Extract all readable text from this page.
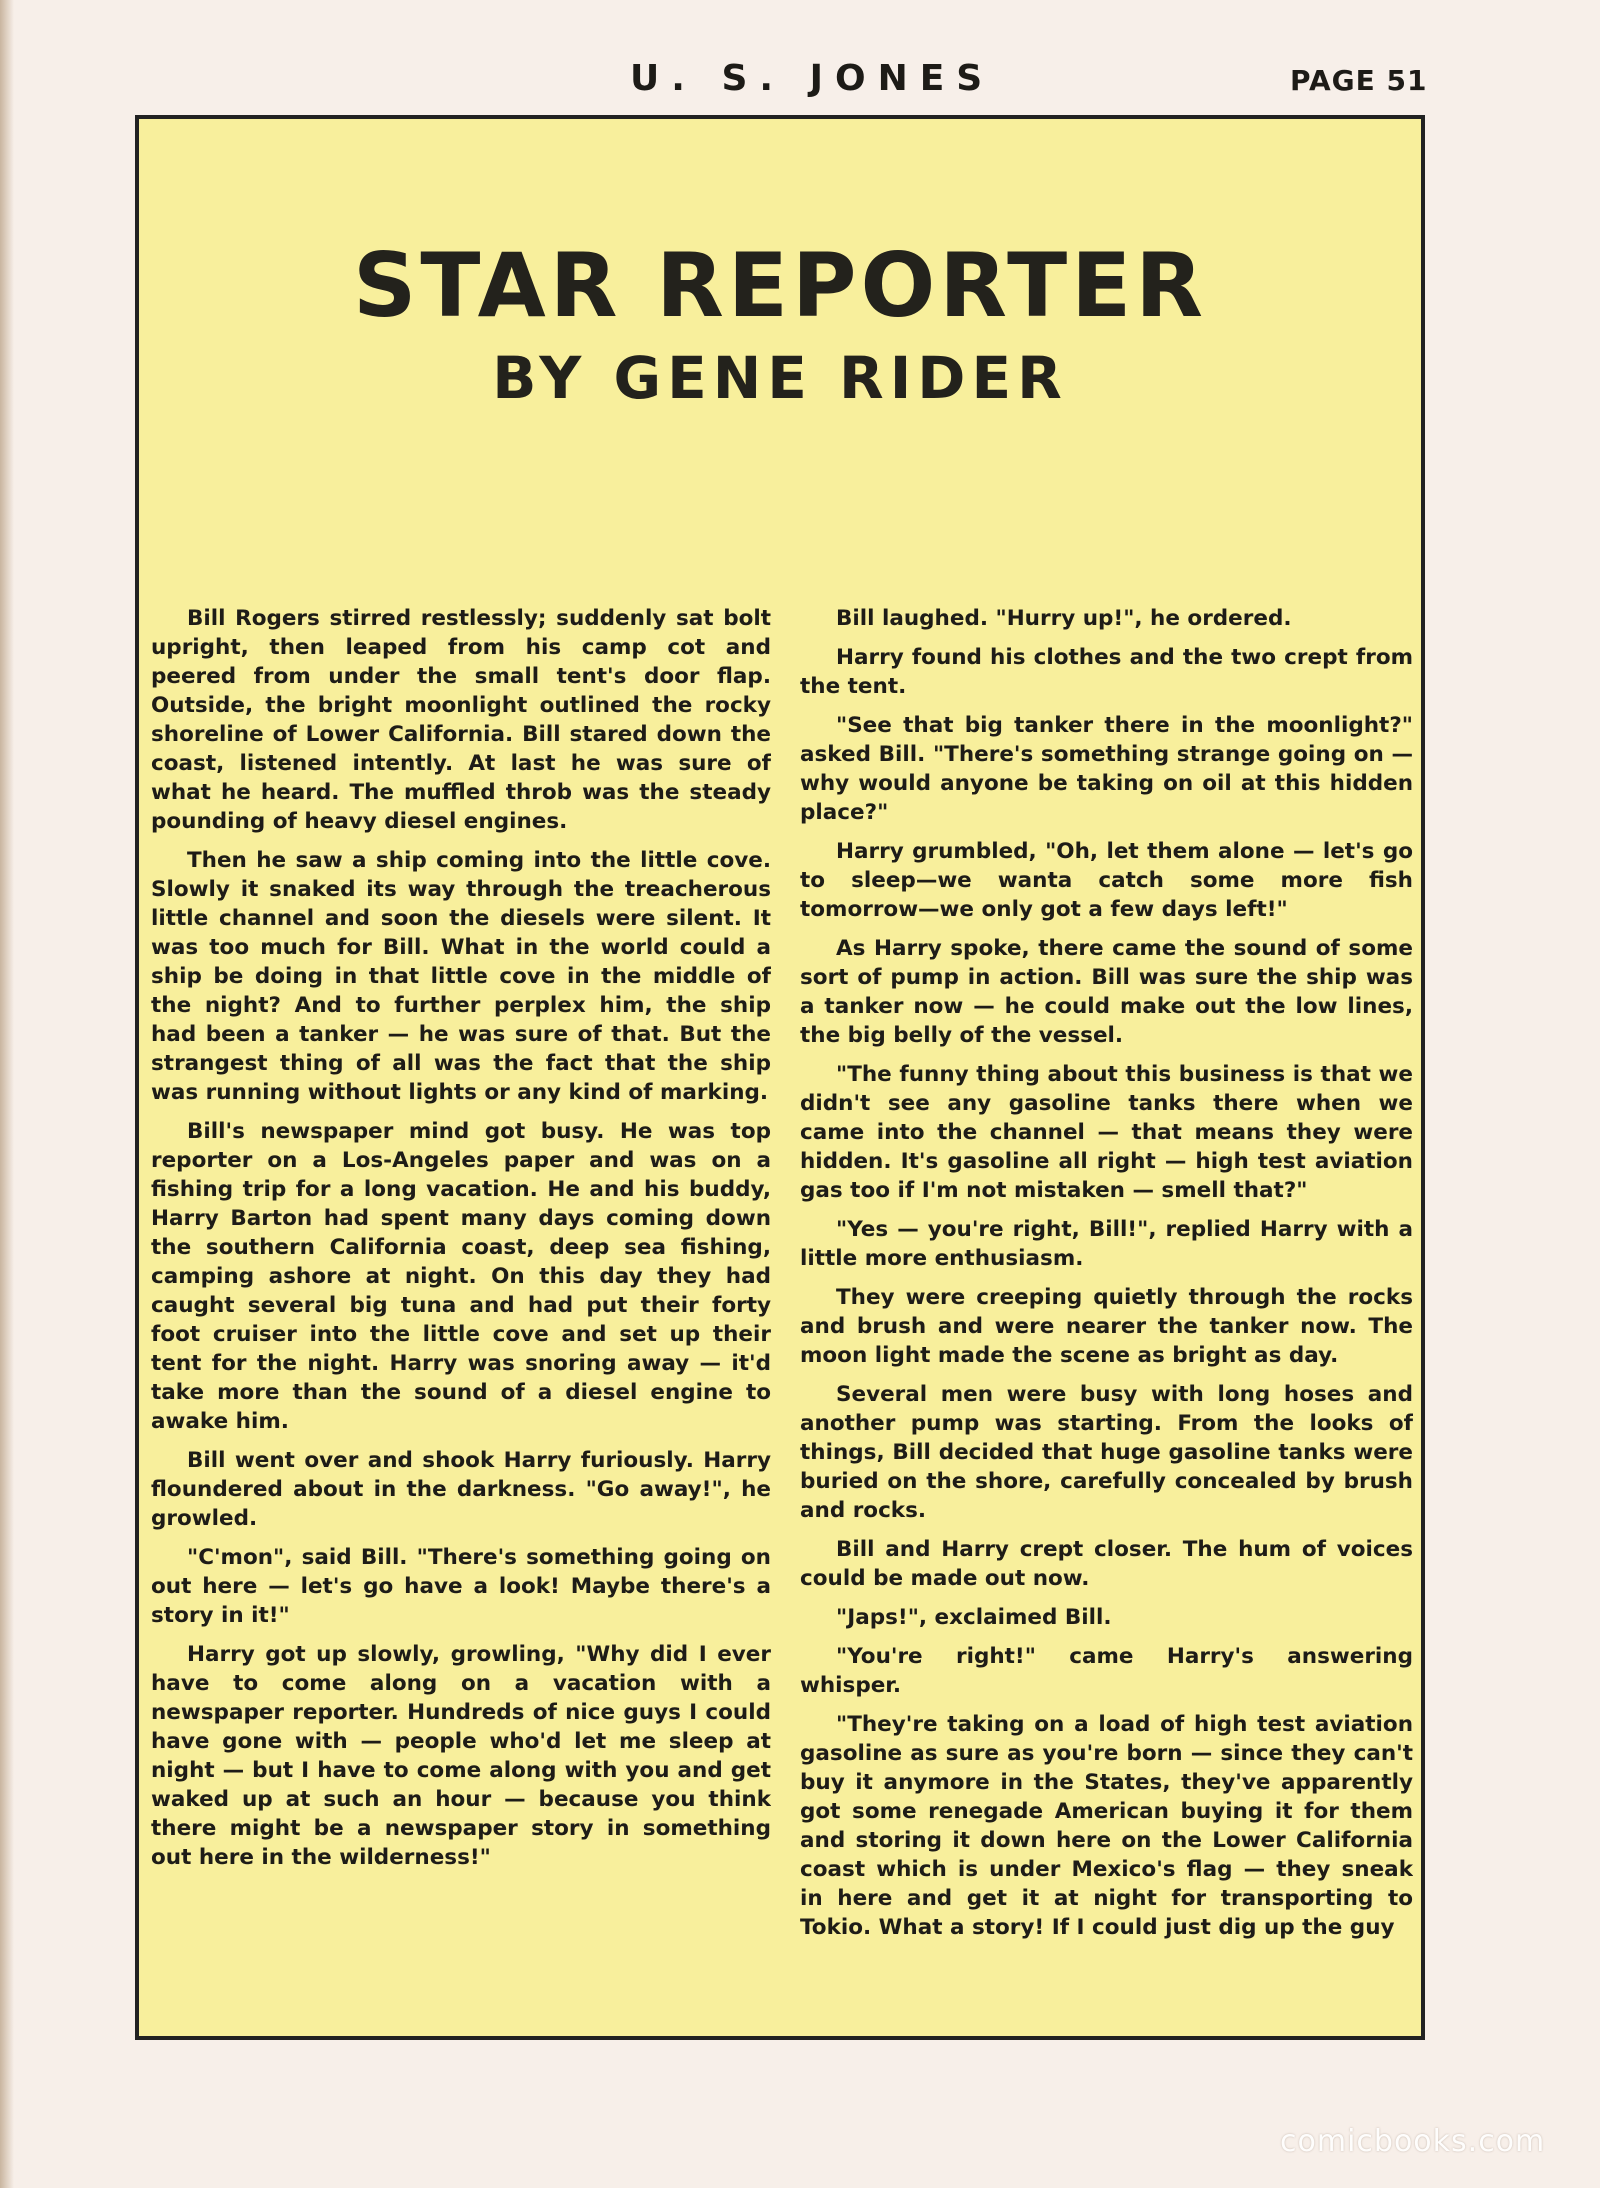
U. S. JONES	PAGE 51
STAR REPORTER
BY GENE RIDER

Bill Rogers stirred restlessly; suddenly sat bolt upright, then leaped from his camp cot and peered from under the small tent's door flap. Outside, the bright moonlight outlined the rocky shoreline of Lower California. Bill stared down the coast, listened intently. At last he was sure of what he heard. The muffled throb was the steady pounding of heavy diesel engines.

Then he saw a ship coming into the little cove. Slowly it snaked its way through the treacherous little channel and soon the diesels were silent. It was too much for Bill. What in the world could a ship be doing in that little cove in the middle of the night? And to further perplex him, the ship had been a tanker — he was sure of that. But the strangest thing of all was the fact that the ship was running without lights or any kind of marking.

Bill's newspaper mind got busy. He was top reporter on a Los-Angeles paper and was on a fishing trip for a long vacation. He and his buddy, Harry Barton had spent many days coming down the southern California coast, deep sea fishing, camping ashore at night. On this day they had caught several big tuna and had put their forty foot cruiser into the little cove and set up their tent for the night. Harry was snoring away — it'd take more than the sound of a diesel engine to awake him.

Bill went over and shook Harry furiously. Harry floundered about in the darkness. "Go away!", he growled.

"C'mon", said Bill. "There's something going on out here — let's go have a look! Maybe there's a story in it!"

Harry got up slowly, growling, "Why did I ever have to come along on a vacation with a newspaper reporter. Hundreds of nice guys I could have gone with — people who'd let me sleep at night — but I have to come along with you and get waked up at such an hour — because you think there might be a newspaper story in something out here in the wilderness!"

Bill laughed. "Hurry up!", he ordered.

Harry found his clothes and the two crept from the tent.

"See that big tanker there in the moonlight?" asked Bill. "There's something strange going on — why would anyone be taking on oil at this hidden place?"

Harry grumbled, "Oh, let them alone — let's go to sleep—we wanta catch some more fish tomorrow—we only got a few days left!"

As Harry spoke, there came the sound of some sort of pump in action. Bill was sure the ship was a tanker now — he could make out the low lines, the big belly of the vessel.

"The funny thing about this business is that we didn't see any gasoline tanks there when we came into the channel — that means they were hidden. It's gasoline all right — high test aviation gas too if I'm not mistaken — smell that?"

"Yes — you're right, Bill!", replied Harry with a little more enthusiasm.

They were creeping quietly through the rocks and brush and were nearer the tanker now. The moon light made the scene as bright as day.

Several men were busy with long hoses and another pump was starting. From the looks of things, Bill decided that huge gasoline tanks were buried on the shore, carefully concealed by brush and rocks.

Bill and Harry crept closer. The hum of voices could be made out now.

"Japs!", exclaimed Bill.

"You're right!" came Harry's answering whisper.

"They're taking on a load of high test aviation gasoline as sure as you're born — since they can't buy it anymore in the States, they've apparently got some renegade American buying it for them and storing it down here on the Lower California coast which is under Mexico's flag — they sneak in here and get it at night for transporting to Tokio. What a story! If I could just dig up the guy

comicbooks.com
